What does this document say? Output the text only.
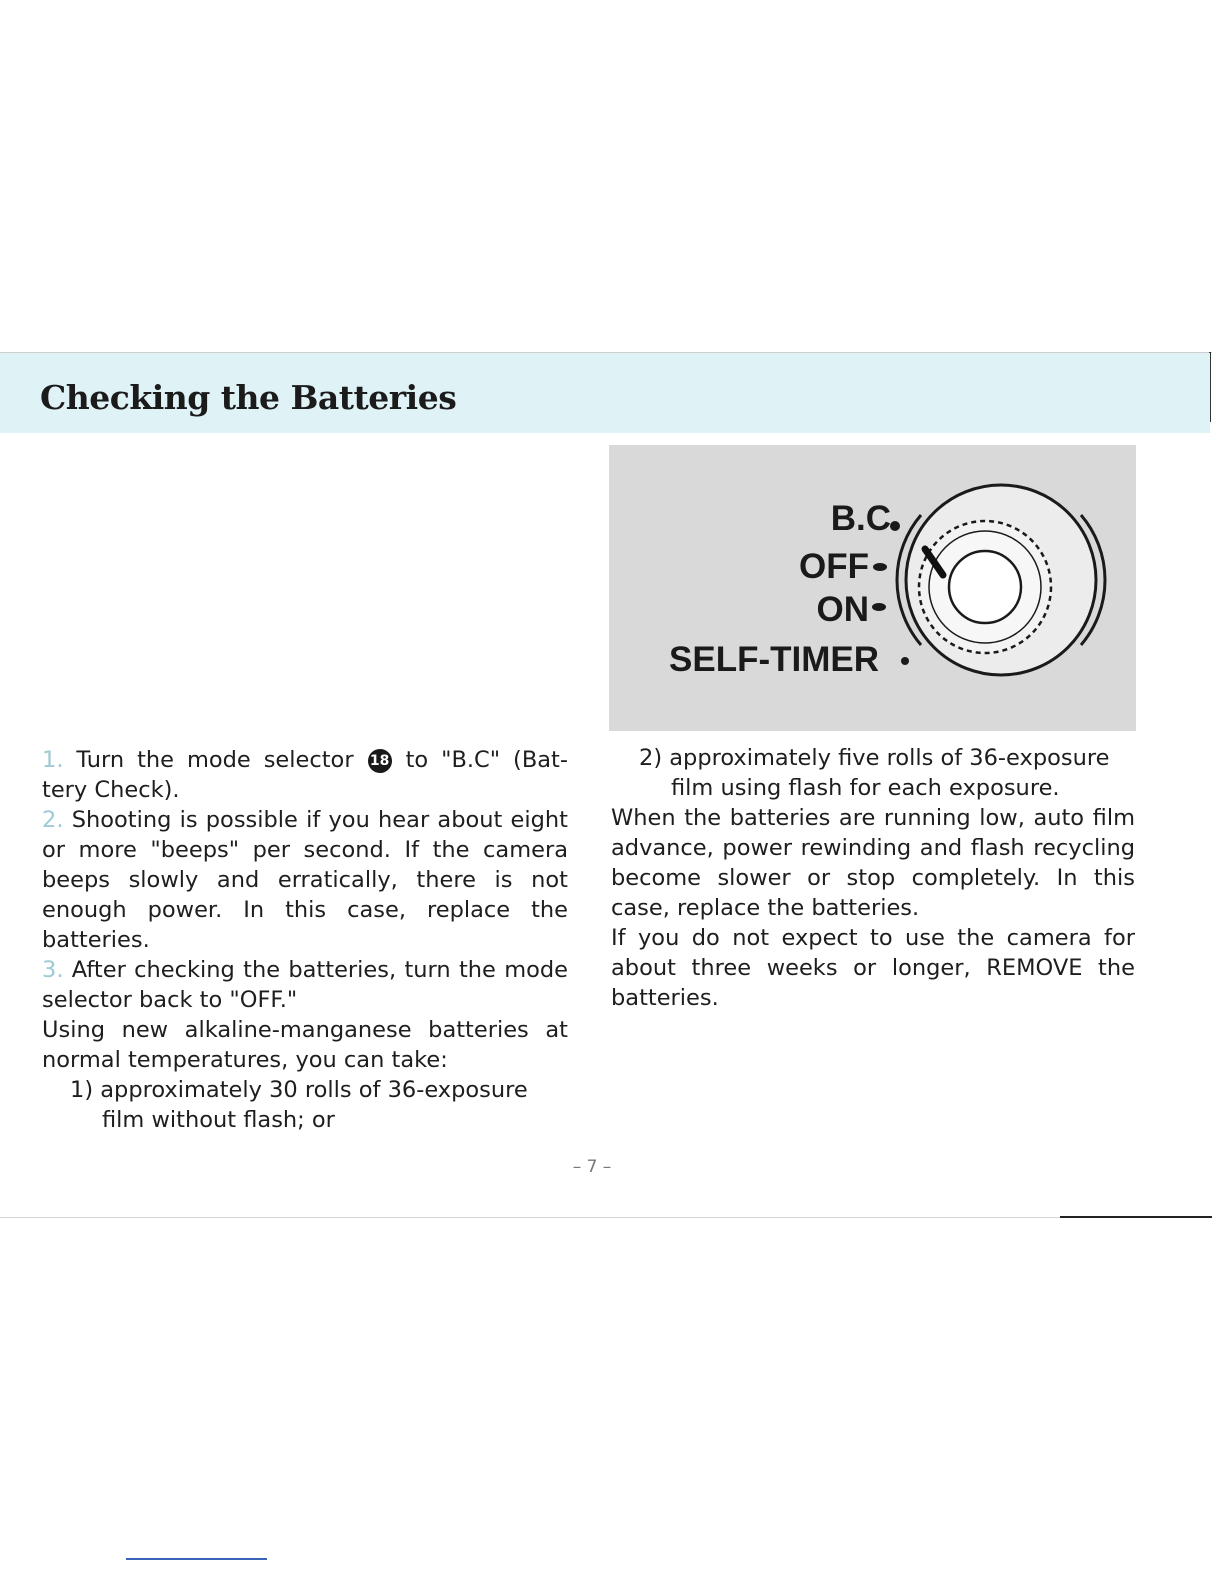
Checking the Batteries
B.C
OFF
ON
SELF-TIMER

1. Turn the mode selector 18 to "B.C" (Bat-tery Check).

2. Shooting is possible if you hear about eight or more "beeps" per second. If the camera beeps slowly and erratically, there is not enough power. In this case, replace the batteries.

3. After checking the batteries, turn the mode selector back to "OFF."

Using new alkaline-manganese batteries at normal temperatures, you can take:

1) approximately 30 rolls of 36-exposure film without flash; or

2) approximately five rolls of 36-exposure film using flash for each exposure.

When the batteries are running low, auto film advance, power rewinding and flash recycling become slower or stop completely. In this case, replace the batteries.

If you do not expect to use the camera for about three weeks or longer, REMOVE the batteries.

– 7 –
